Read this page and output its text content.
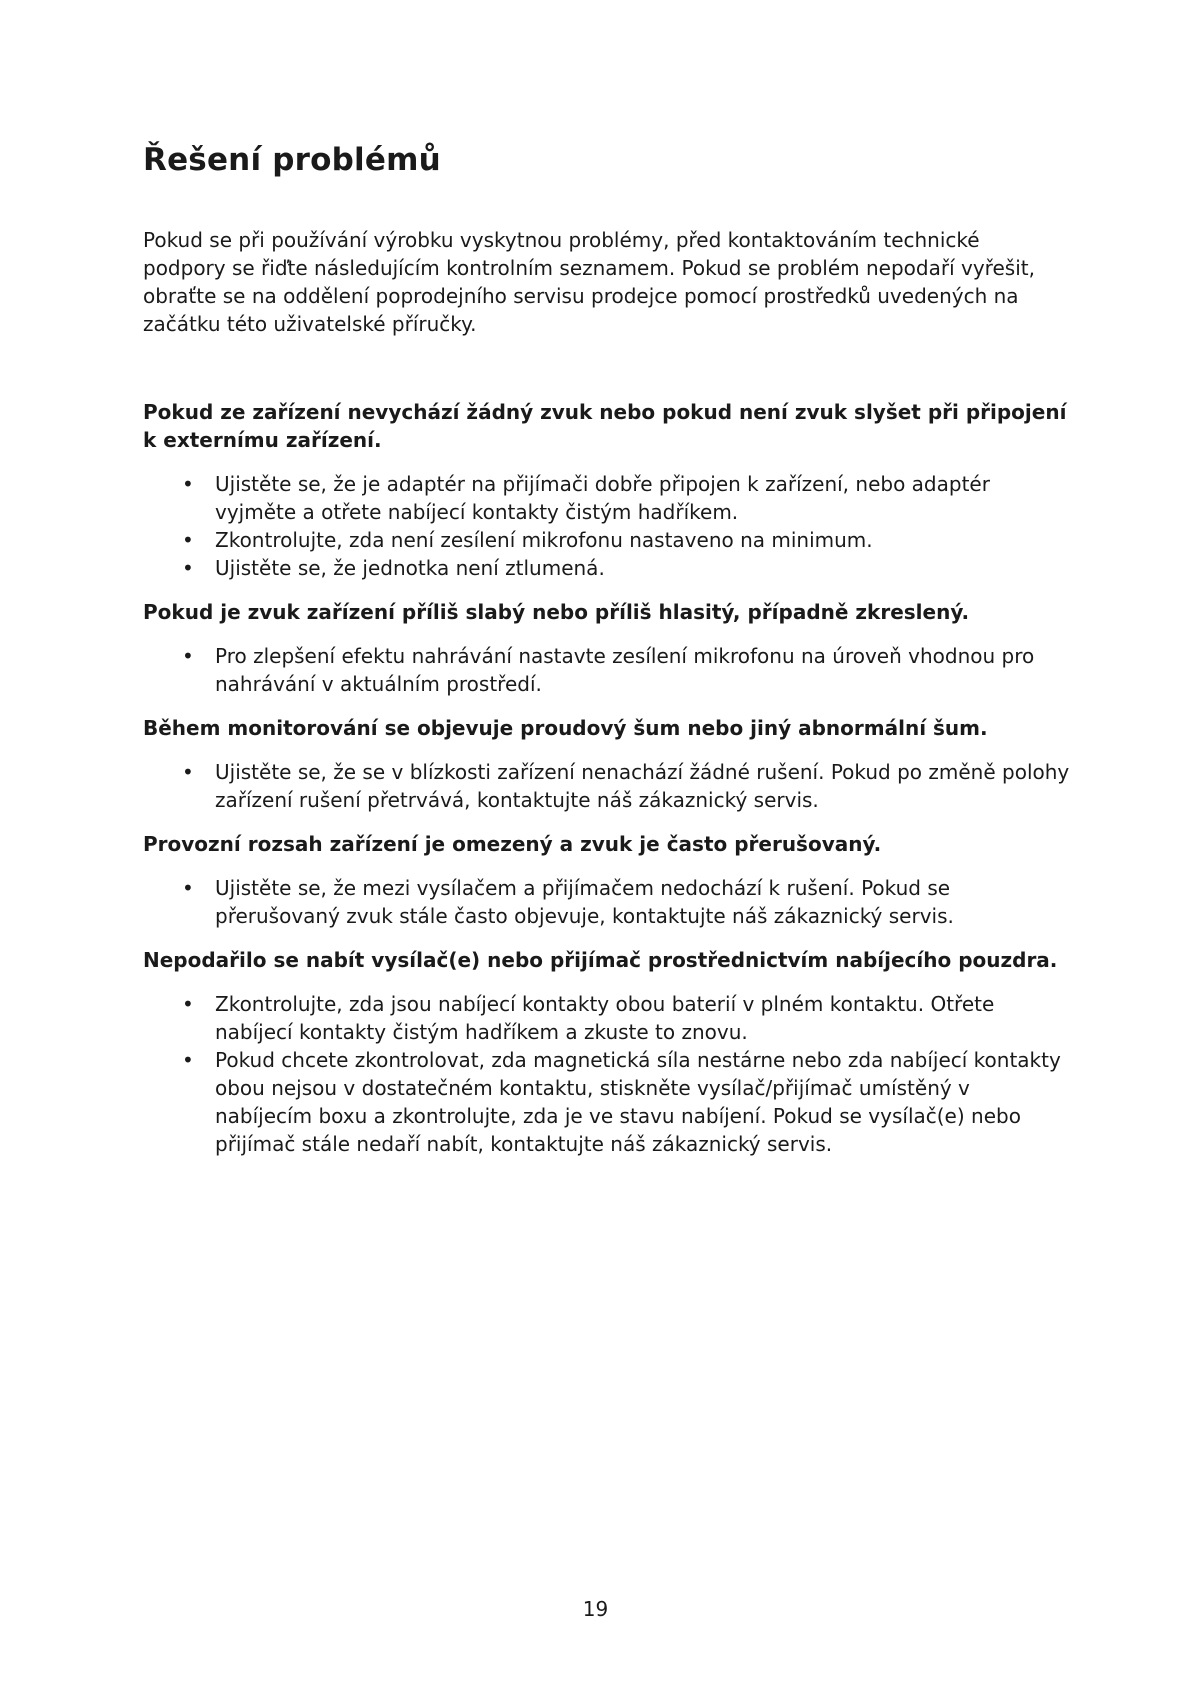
Řešení problémů

Pokud se při používání výrobku vyskytnou problémy, před kontaktováním technické podpory se řiďte následujícím kontrolním seznamem. Pokud se problém nepodaří vyřešit, obraťte se na oddělení poprodejního servisu prodejce pomocí prostředků uvedených na začátku této uživatelské příručky.

Pokud ze zařízení nevychází žádný zvuk nebo pokud není zvuk slyšet při připojení k externímu zařízení.
• Ujistěte se, že je adaptér na přijímači dobře připojen k zařízení, nebo adaptér vyjměte a otřete nabíjecí kontakty čistým hadříkem.
• Zkontrolujte, zda není zesílení mikrofonu nastaveno na minimum.
• Ujistěte se, že jednotka není ztlumená.
Pokud je zvuk zařízení příliš slabý nebo příliš hlasitý, případně zkreslený.
• Pro zlepšení efektu nahrávání nastavte zesílení mikrofonu na úroveň vhodnou pro nahrávání v aktuálním prostředí.
Během monitorování se objevuje proudový šum nebo jiný abnormální šum.
• Ujistěte se, že se v blízkosti zařízení nenachází žádné rušení. Pokud po změně polohy zařízení rušení přetrvává, kontaktujte náš zákaznický servis.
Provozní rozsah zařízení je omezený a zvuk je často přerušovaný.
• Ujistěte se, že mezi vysílačem a přijímačem nedochází k rušení. Pokud se přerušovaný zvuk stále často objevuje, kontaktujte náš zákaznický servis.
Nepodařilo se nabít vysílač(e) nebo přijímač prostřednictvím nabíjecího pouzdra.
• Zkontrolujte, zda jsou nabíjecí kontakty obou baterií v plném kontaktu. Otřete nabíjecí kontakty čistým hadříkem a zkuste to znovu.
• Pokud chcete zkontrolovat, zda magnetická síla nestárne nebo zda nabíjecí kontakty obou nejsou v dostatečném kontaktu, stiskněte vysílač/přijímač umístěný v nabíjecím boxu a zkontrolujte, zda je ve stavu nabíjení. Pokud se vysílač(e) nebo přijímač stále nedaří nabít, kontaktujte náš zákaznický servis.
19
